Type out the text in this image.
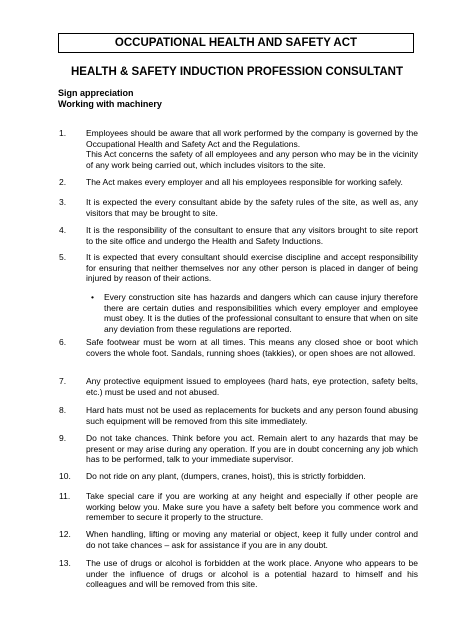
OCCUPATIONAL HEALTH AND SAFETY ACT
HEALTH & SAFETY INDUCTION PROFESSION CONSULTANT
Sign appreciation
Working with machinery
1. Employees should be aware that all work performed by the company is governed by the Occupational Health and Safety Act and the Regulations.
This Act concerns the safety of all employees and any person who may be in the vicinity of any work being carried out, which includes visitors to the site.
2. The Act makes every employer and all his employees responsible for working safely.
3. It is expected the every consultant abide by the safety rules of the site, as well as, any visitors that may be brought to site.
4. It is the responsibility of the consultant to ensure that any visitors brought to site report to the site office and undergo the Health and Safety Inductions.
5. It is expected that every consultant should exercise discipline and accept responsibility for ensuring that neither themselves nor any other person is placed in danger of being injured by reason of their actions.
• Every construction site has hazards and dangers which can cause injury therefore there are certain duties and responsibilities which every employer and employee must obey. It is the duties of the professional consultant to ensure that when on site any deviation from these regulations are reported.
6. Safe footwear must be worn at all times. This means any closed shoe or boot which covers the whole foot. Sandals, running shoes (takkies), or open shoes are not allowed.
7. Any protective equipment issued to employees (hard hats, eye protection, safety belts, etc.) must be used and not abused.
8. Hard hats must not be used as replacements for buckets and any person found abusing such equipment will be removed from this site immediately.
9. Do not take chances. Think before you act. Remain alert to any hazards that may be present or may arise during any operation. If you are in doubt concerning any job which has to be performed, talk to your immediate supervisor.
10. Do not ride on any plant, (dumpers, cranes, hoist), this is strictly forbidden.
11. Take special care if you are working at any height and especially if other people are working below you. Make sure you have a safety belt before you commence work and remember to secure it properly to the structure.
12. When handling, lifting or moving any material or object, keep it fully under control and do not take chances – ask for assistance if you are in any doubt.
13. The use of drugs or alcohol is forbidden at the work place. Anyone who appears to be under the influence of drugs or alcohol is a potential hazard to himself and his colleagues and will be removed from this site.
